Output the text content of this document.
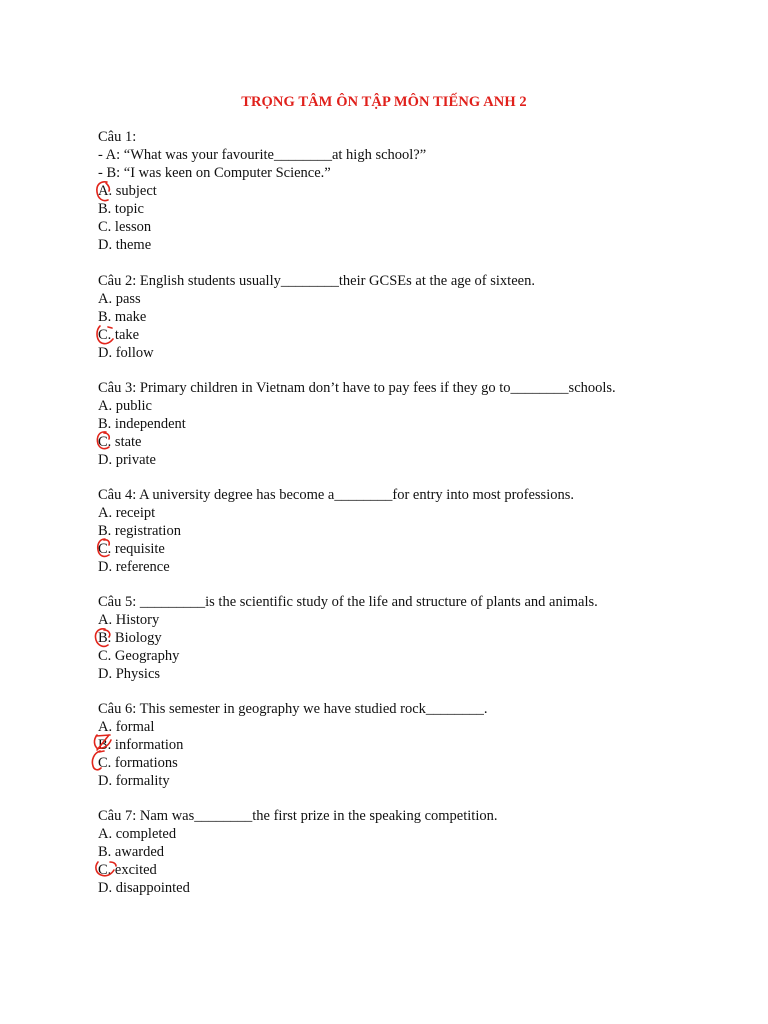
TRỌNG TÂM ÔN TẬP MÔN TIẾNG ANH 2
Câu 1:
- A: “What was your favourite________at high school?”
- B: “I was keen on Computer Science.”
A. subject
B. topic
C. lesson
D. theme
Câu 2: English students usually________their GCSEs at the age of sixteen.
A. pass
B. make
C. take
D. follow
Câu 3: Primary children in Vietnam don’t have to pay fees if they go to________schools.
A. public
B. independent
C. state
D. private
Câu 4: A university degree has become a________for entry into most professions.
A. receipt
B. registration
C. requisite
D. reference
Câu 5: _________is the scientific study of the life and structure of plants and animals.
A. History
B. Biology
C. Geography
D. Physics
Câu 6: This semester in geography we have studied rock________.
A. formal
B. information
C. formations
D. formality
Câu 7: Nam was________the first prize in the speaking competition.
A. completed
B. awarded
C. excited
D. disappointed
